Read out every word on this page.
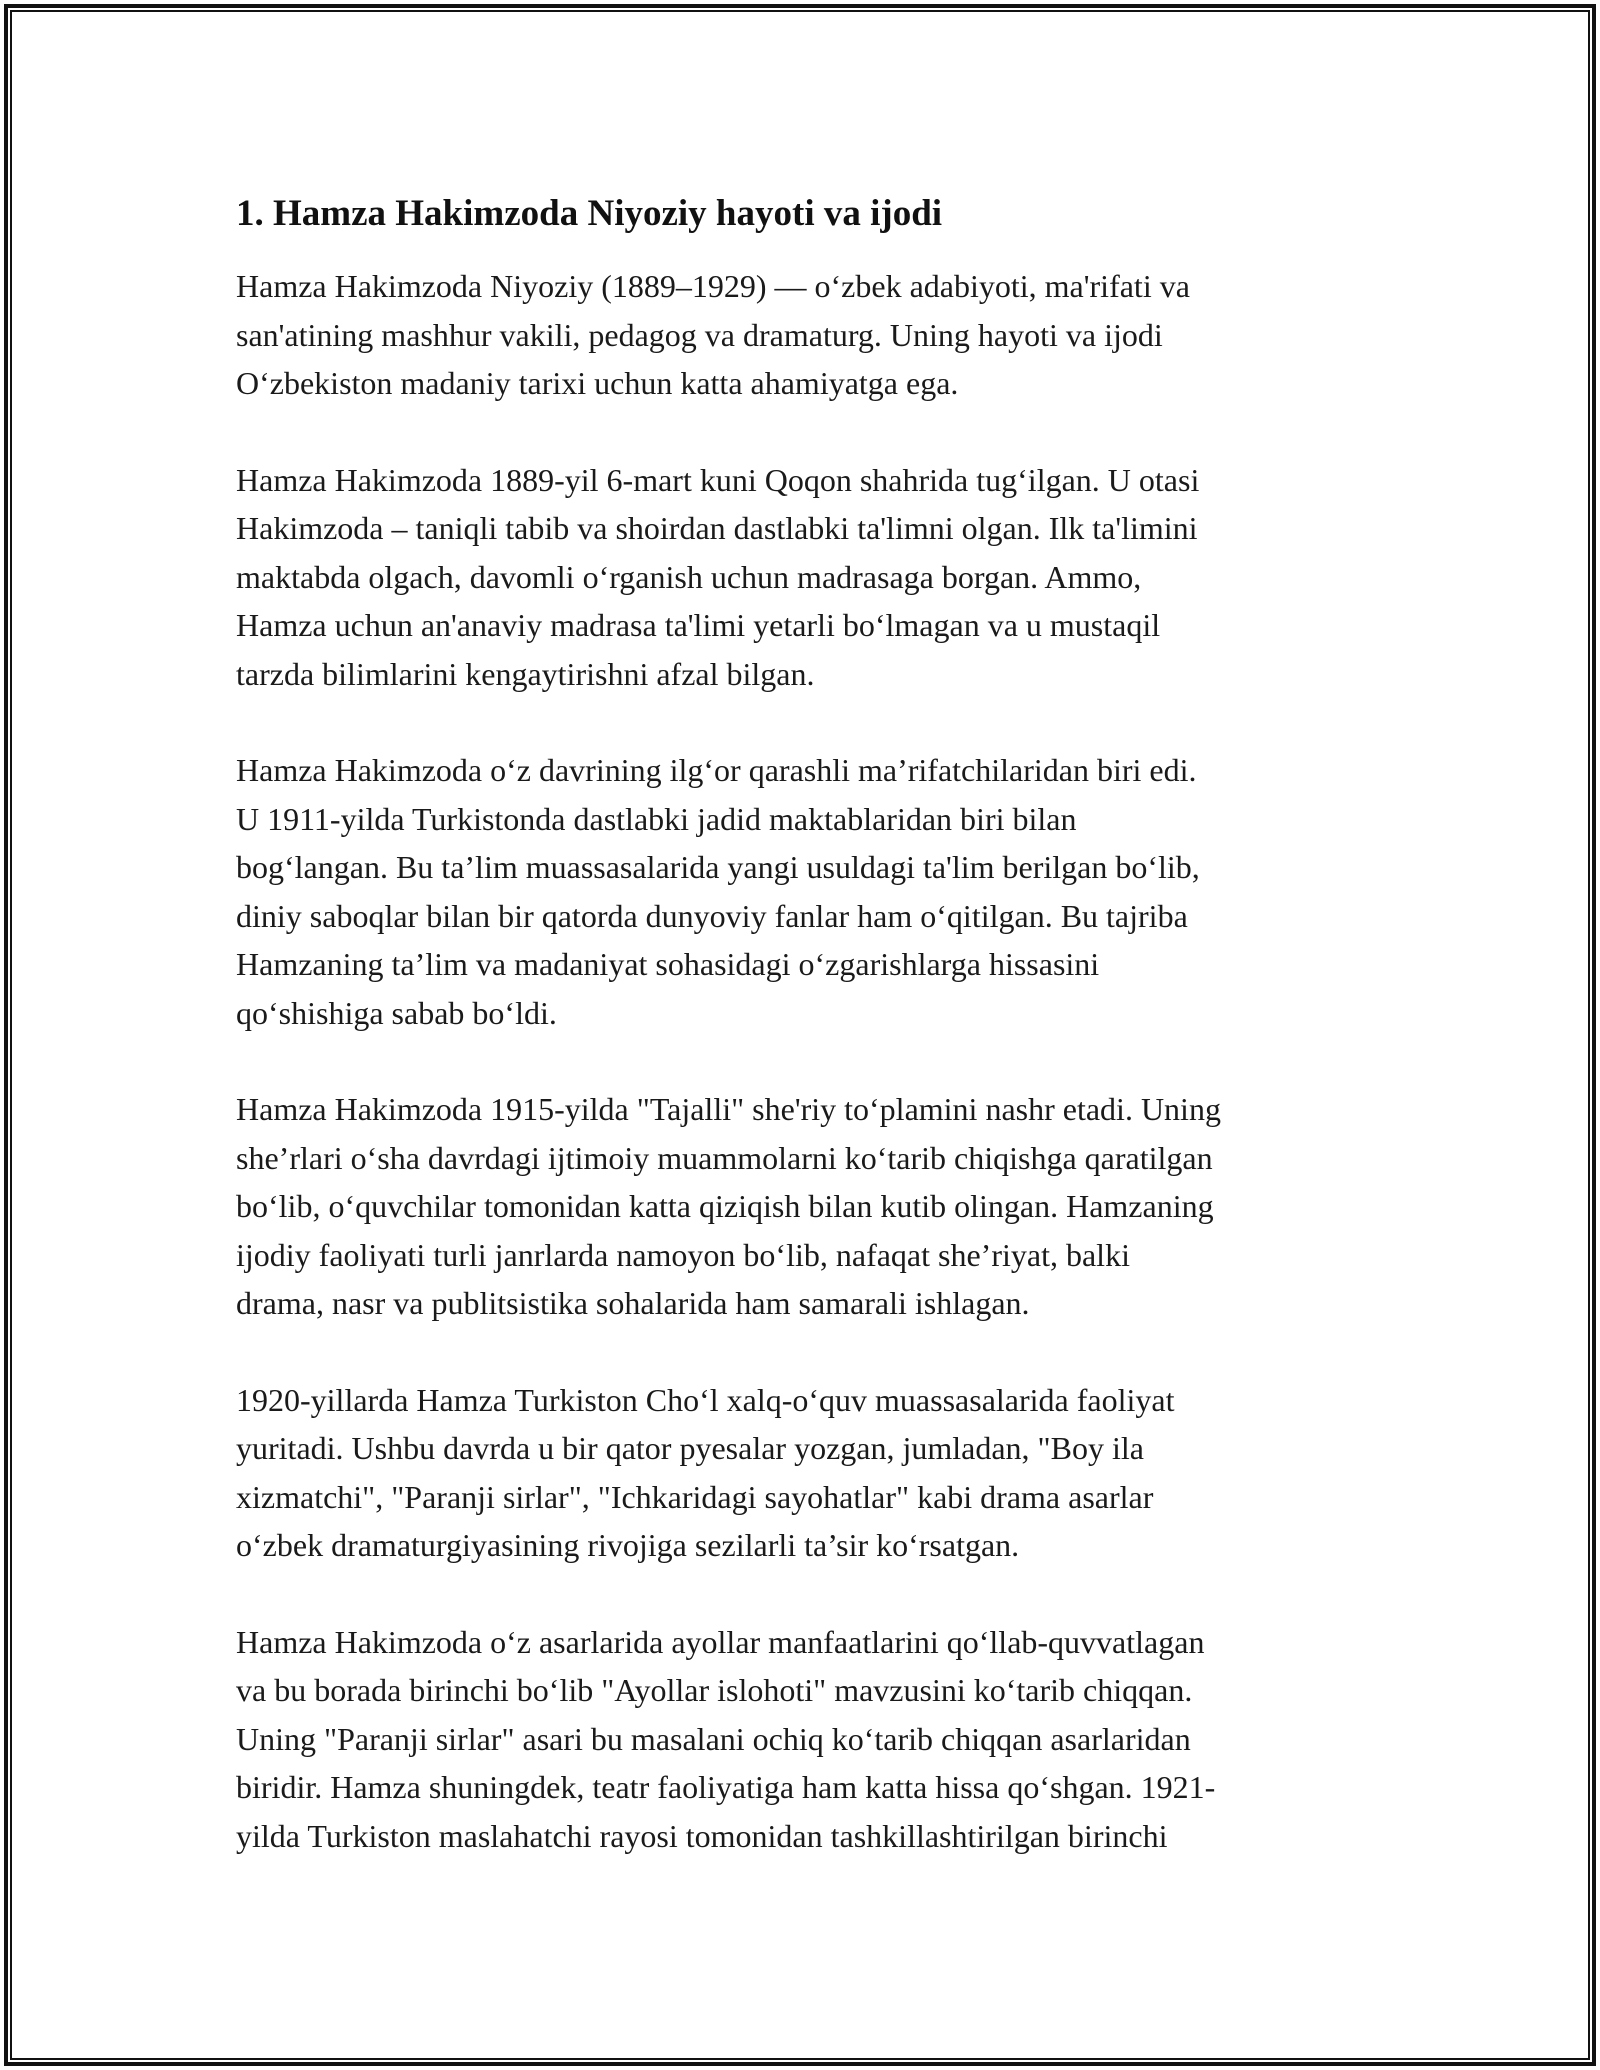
1. Hamza Hakimzoda Niyoziy hayoti va ijodi

Hamza Hakimzoda Niyoziy (1889–1929) — oʻzbek adabiyoti, ma'rifati va
san'atining mashhur vakili, pedagog va dramaturg. Uning hayoti va ijodi
Oʻzbekiston madaniy tarixi uchun katta ahamiyatga ega.

Hamza Hakimzoda 1889-yil 6-mart kuni Qoqon shahrida tugʻilgan. U otasi
Hakimzoda – taniqli tabib va shoirdan dastlabki ta'limni olgan. Ilk ta'limini
maktabda olgach, davomli oʻrganish uchun madrasaga borgan. Ammo,
Hamza uchun an'anaviy madrasa ta'limi yetarli boʻlmagan va u mustaqil
tarzda bilimlarini kengaytirishni afzal bilgan.

Hamza Hakimzoda oʻz davrining ilgʻor qarashli ma’rifatchilaridan biri edi.
U 1911-yilda Turkistonda dastlabki jadid maktablaridan biri bilan
bogʻlangan. Bu ta’lim muassasalarida yangi usuldagi ta'lim berilgan boʻlib,
diniy saboqlar bilan bir qatorda dunyoviy fanlar ham oʻqitilgan. Bu tajriba
Hamzaning ta’lim va madaniyat sohasidagi oʻzgarishlarga hissasini
qoʻshishiga sabab boʻldi.

Hamza Hakimzoda 1915-yilda "Tajalli" she'riy toʻplamini nashr etadi. Uning
she’rlari oʻsha davrdagi ijtimoiy muammolarni koʻtarib chiqishga qaratilgan
boʻlib, oʻquvchilar tomonidan katta qiziqish bilan kutib olingan. Hamzaning
ijodiy faoliyati turli janrlarda namoyon boʻlib, nafaqat she’riyat, balki
drama, nasr va publitsistika sohalarida ham samarali ishlagan.

1920-yillarda Hamza Turkiston Choʻl xalq-oʻquv muassasalarida faoliyat
yuritadi. Ushbu davrda u bir qator pyesalar yozgan, jumladan, "Boy ila
xizmatchi", "Paranji sirlar", "Ichkaridagi sayohatlar" kabi drama asarlar
oʻzbek dramaturgiyasining rivojiga sezilarli ta’sir koʻrsatgan.

Hamza Hakimzoda oʻz asarlarida ayollar manfaatlarini qoʻllab-quvvatlagan
va bu borada birinchi boʻlib "Ayollar islohoti" mavzusini koʻtarib chiqqan.
Uning "Paranji sirlar" asari bu masalani ochiq koʻtarib chiqqan asarlaridan
biridir. Hamza shuningdek, teatr faoliyatiga ham katta hissa qoʻshgan. 1921-
yilda Turkiston maslahatchi rayosi tomonidan tashkillashtirilgan birinchi
